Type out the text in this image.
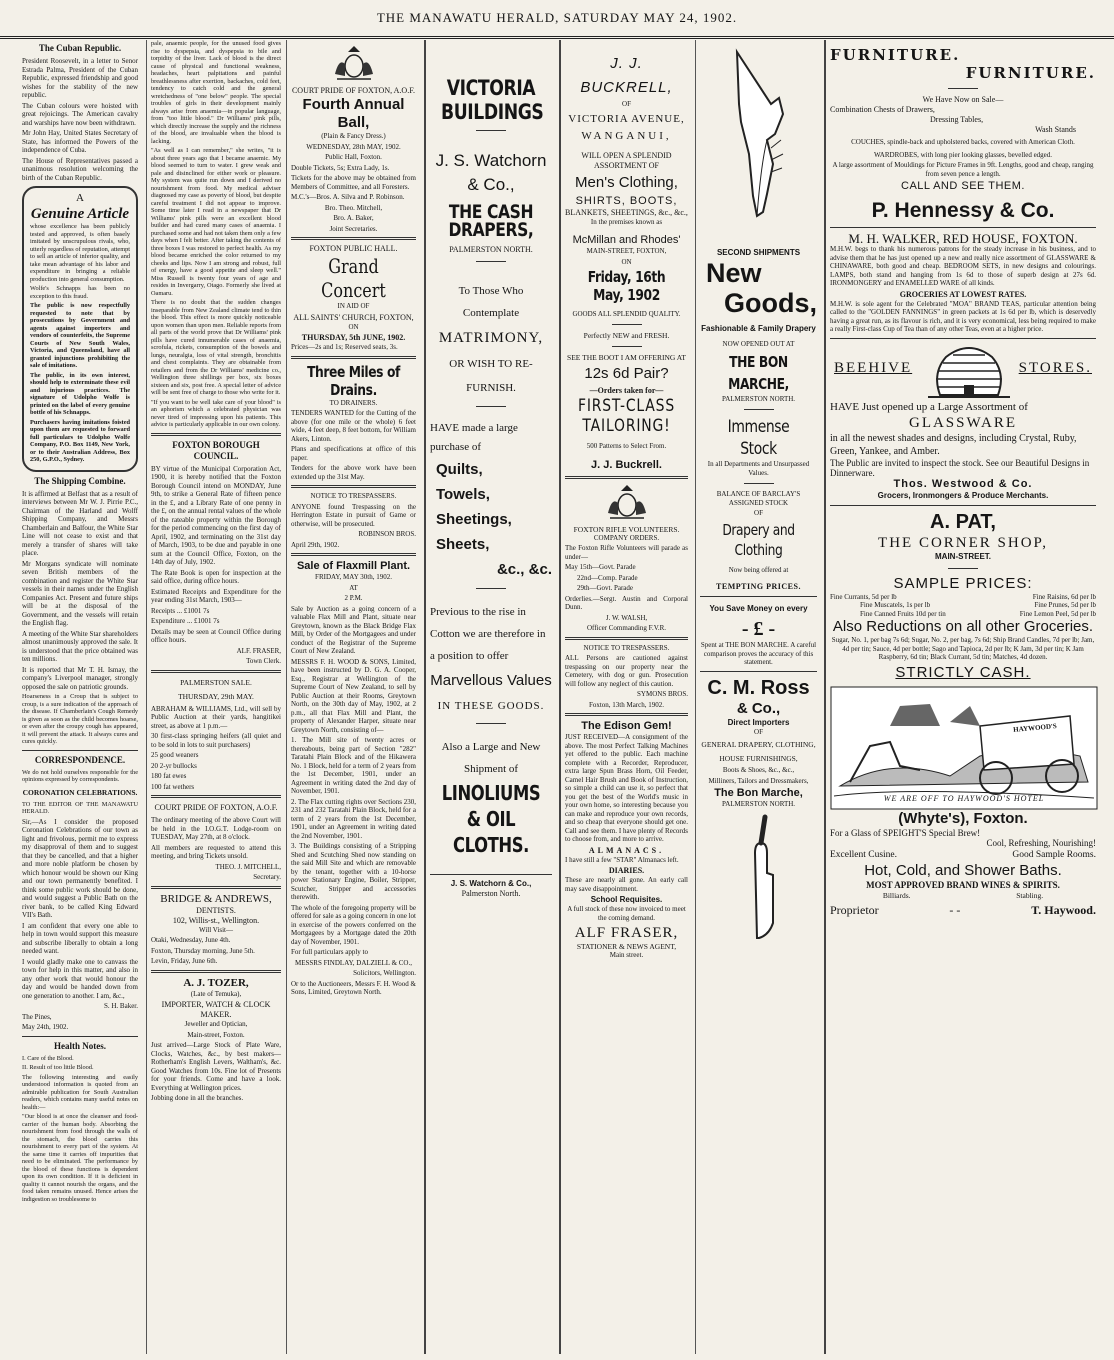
THE MANAWATU HERALD, SATURDAY MAY 24, 1902.
The Cuban Republic.

President Roosevelt, in a letter to Senor Estrada Palma, President of the Cuban Republic, expressed friendship and good wishes for the stability of the new republic.

The Cuban colours were hoisted with great rejoicings. The American cavalry and warships have now been withdrawn.

Mr John Hay, United States Secretary of State, has informed the Powers of the independence of Cuba.

The House of Representatives passed a unanimous resolution welcoming the birth of the Cuban Republic.

A
Genuine Article

whose excellence has been publicly tested and approved, is often basely imitated by unscrupulous rivals, who, utterly regardless of reputation, attempt to sell an article of inferior quality, and take mean advantage of his labor and expenditure in bringing a reliable production into general consumption.

Wolfe's Schnapps has been no exception to this fraud.

The public is now respectfully requested to note that by prosecutions by Government and agents against importers and vendors of counterfeits, the Supreme Courts of New South Wales, Victoria, and Queensland, have all granted injunctions prohibiting the sale of imitations.

The public, in its own interest, should help to exterminate these evil and injurious practices. The signature of Udolpho Wolfe is printed on the label of every genuine bottle of his Schnapps.

Purchasers having imitations foisted upon them are requested to forward full particulars to Udolpho Wolfe Company, P.O. Box 1149, New York, or to their Australian Address, Box 250, G.P.O., Sydney.

The Shipping Combine.

It is affirmed at Belfast that as a result of interviews between Mr W. J. Pirrie P.C., Chairman of the Harland and Wolff Shipping Company, and Messrs Chamberlain and Balfour, the White Star Line will not cease to exist and that merely a transfer of shares will take place.

Mr Morgans syndicate will nominate seven British members of the combination and register the White Star vessels in their names under the English Companies Act. Present and future ships will be at the disposal of the Government, and the vessels will retain the English flag.

A meeting of the White Star shareholders almost unanimously approved the sale. It is understood that the price obtained was ten millions.

It is reported that Mr T. H. Ismay, the company's Liverpool manager, strongly opposed the sale on patriotic grounds.

Hoarseness in a Croup that is subject to croup, is a sure indication of the approach of the disease. If Chamberlain's Cough Remedy is given as soon as the child becomes hoarse, or even after the croupy cough has appeared, it will prevent the attack. It always cures and cures quickly.

CORRESPONDENCE.

We do not hold ourselves responsible for the opinions expressed by correspondents.

CORONATION CELEBRATIONS.

TO THE EDITOR OF THE MANAWATU HERALD.

Sir,—As I consider the proposed Coronation Celebrations of our town as light and frivolous, permit me to express my disapproval of them and to suggest that they be cancelled, and that a higher and more noble platform be chosen by which honour would be shown our King and our town permanently benefited. I think some public work should be done, and would suggest a Public Bath on the river bank, to be called King Edward VII's Bath.

I am confident that every one able to help in town would support this measure and subscribe liberally to obtain a long needed want.

I would gladly make one to canvass the town for help in this matter, and also in any other work that would honour the day and would be handed down from one generation to another. I am, &c.,

S. H. Baker.

The Pines,

May 24th, 1902.

Health Notes.

I. Care of the Blood.

II. Result of too little Blood.

The following interesting and easily understood information is quoted from an admirable publication for South Australian readers, which contains many useful notes on health:—

"Our blood is at once the cleanser and food-carrier of the human body. Absorbing the nourishment from food through the walls of the stomach, the blood carries this nourishment to every part of the system. At the same time it carries off impurities that need to be eliminated. The performance by the blood of these functions is dependent upon its own condition. If it is deficient in quality it cannot nourish the organs, and the food taken remains unused. Hence arises the indigestion so troublesome to

pale, anaemic people, for the unused food gives rise to dyspepsia, and dyspepsia to bile and torpidity of the liver. Lack of blood is the direct cause of physical and functional weakness, headaches, heart palpitations and painful breathlessness after exertion, backaches, cold feet, tendency to catch cold and the general wretchedness of "one below" people. The special troubles of girls in their development mainly always arise from anaemia—in popular language, from "too little blood." Dr Williams' pink pills, which directly increase the supply and the richness of the blood, are invaluable when the blood is lacking.

"As well as I can remember," she writes, "it is about three years ago that I became anaemic. My blood seemed to turn to water. I grew weak and pale and disinclined for either work or pleasure. My system was quite run down and I derived no nourishment from food. My medical adviser diagnosed my case as poverty of blood, but despite careful treatment I did not appear to improve. Some time later I read in a newspaper that Dr Williams' pink pills were an excellent blood builder and had cured many cases of anaemia. I purchased some and had not taken them only a few days when I felt better. After taking the contents of three boxes I was restored to perfect health. As my blood became enriched the color returned to my cheeks and lips. Now I am strong and robust, full of energy, have a good appetite and sleep well." Miss Russell is twenty four years of age and resides in Invergarry, Otago. Formerly she lived at Oamaru.

There is no doubt that the sudden changes inseparable from New Zealand climate tend to thin the blood. This effect is more quickly noticeable upon women than upon men. Reliable reports from all parts of the world prove that Dr Williams' pink pills have cured innumerable cases of anaemia, scrofula, rickets, consumption of the bowels and lungs, neuralgia, loss of vital strength, bronchitis and chest complaints. They are obtainable from retailers and from the Dr Williams' medicine co., Wellington three shillings per box, six boxes sixteen and six, post free. A special letter of advice will be sent free of charge to those who write for it.

"If you want to be well take care of your blood" is an aphorism which a celebrated physician was never tired of impressing upon his patients. This advice is particularly applicable in our own colony.

FOXTON BOROUGH COUNCIL.

BY virtue of the Municipal Corporation Act, 1900, it is hereby notified that the Foxton Borough Council intend on MONDAY, June 9th, to strike a General Rate of fifteen pence in the £, and a Library Rate of one penny in the £, on the annual rental values of the whole of the rateable property within the Borough for the period commencing on the first day of April, 1902, and terminating on the 31st day of March, 1903, to be due and payable in one sum at the Council Office, Foxton, on the 14th day of July, 1902.

The Rate Book is open for inspection at the said office, during office hours.

Estimated Receipts and Expenditure for the year ending 31st March, 1903—

Receipts ... £1001 7s

Expenditure ... £1001 7s

Details may be seen at Council Office during office hours.

ALF. FRASER,

Town Clerk.

PALMERSTON SALE.
THURSDAY, 29th MAY.

ABRAHAM & WILLIAMS, Ltd., will sell by Public Auction at their yards, hangitikei street, as above at 1 p.m.—

30 first-class springing heifers (all quiet and to be sold in lots to suit purchasers)

25 good weaners

20 2-yr bullocks

180 fat ewes

100 fat wethers

COURT PRIDE OF FOXTON, A.O.F.

The ordinary meeting of the above Court will be held in the I.O.G.T. Lodge-room on TUESDAY, May 27th, at 8 o'clock.

All members are requested to attend this meeting, and bring Tickets unsold.

THEO. J. MITCHELL,

Secretary.

BRIDGE & ANDREWS,
DENTISTS.
102, Willis-st., Wellington.

Will Visit—

Otaki, Wednesday, June 4th.

Foxton, Thursday morning, June 5th.

Levin, Friday, June 6th.

A. J. TOZER,

(Late of Temuka),

IMPORTER, WATCH & CLOCK MAKER.

Jeweller and Optician,

Main-street, Foxton.

Just arrived—Large Stock of Plate Ware, Clocks, Watches, &c., by best makers—Rotherham's English Levers, Waltham's, &c. Good Watches from 10s. Fine lot of Presents for your friends. Come and have a look. Everything at Wellington prices.

Jobbing done in all the branches.

COURT PRIDE OF FOXTON, A.O.F.
Fourth Annual Ball,

(Plain & Fancy Dress.)

WEDNESDAY, 28th MAY, 1902.

Public Hall, Foxton.

Double Tickets, 5s; Extra Lady, 1s.

Tickets for the above may be obtained from Members of Committee, and all Foresters.

M.C.'s—Bros. A. Silva and P. Robinson.

Bro. Theo. Mitchell,

Bro. A. Baker,

Joint Secretaries.

FOXTON PUBLIC HALL.
Grand Concert

IN AID OF

ALL SAINTS' CHURCH, FOXTON,

ON

THURSDAY, 5th JUNE, 1902.

Prices—2s and 1s; Reserved seats, 3s.

Three Miles of Drains.

TO DRAINERS.

TENDERS WANTED for the Cutting of the above (for one mile or the whole) 6 feet wide, 4 feet deep, 8 feet bottom, for William Akers, Linton.

Plans and specifications at office of this paper.

Tenders for the above work have been extended up the 31st May.

NOTICE TO TRESPASSERS.

ANYONE found Trespassing on the Herrington Estate in pursuit of Game or otherwise, will be prosecuted.

ROBINSON BROS.

April 29th, 1902.

Sale of Flaxmill Plant.

FRIDAY, MAY 30th, 1902.

AT

2 P.M.

Sale by Auction as a going concern of a valuable Flax Mill and Plant, situate near Greytown, known as the Black Bridge Flax Mill, by Order of the Mortgagees and under conduct of the Registrar of the Supreme Court of New Zealand.

MESSRS F. H. WOOD & SONS, Limited, have been instructed by D. G. A. Cooper, Esq., Registrar at Wellington of the Supreme Court of New Zealand, to sell by Public Auction at their Rooms, Greytown North, on the 30th day of May, 1902, at 2 p.m., all that Flax Mill and Plant, the property of Alexander Harper, situate near Greytown North, consisting of—

1. The Mill site of twenty acres or thereabouts, being part of Section "282" Taratahi Plain Block and of the Hikawera No. 1 Block, held for a term of 2 years from the 1st December, 1901, under an Agreement in writing dated the 2nd day of November, 1901.

2. The Flax cutting rights over Sections 230, 231 and 232 Taratahi Plain Block, held for a term of 2 years from the 1st December, 1901, under an Agreement in writing dated the 2nd November, 1901.

3. The Buildings consisting of a Stripping Shed and Scutching Shed now standing on the said Mill Site and which are removable by the tenant, together with a 10-horse power Stationary Engine, Boiler, Stripper, Scutcher, Stripper and accessories therewith.

The whole of the foregoing property will be offered for sale as a going concern in one lot in exercise of the powers conferred on the Mortgagees by a Mortgage dated the 20th day of November, 1901.

For full particulars apply to

MESSRS FINDLAY, DALZIELL & CO.,

Solicitors, Wellington.

Or to the Auctioneers, Messrs F. H. Wood & Sons, Limited, Greytown North.

VICTORIA BUILDINGS
J. S. Watchorn & Co.,
THE CASH DRAPERS,
PALMERSTON NORTH.
To Those Who Contemplate
MATRIMONY,
OR WISH TO RE-FURNISH.
HAVE made a large purchase of
Quilts,
Towels,
Sheetings,
Sheets,
&c., &c.
Previous to the rise in Cotton we are therefore in a position to offer
Marvellous Values
IN THESE GOODS.
Also a Large and New Shipment of
LINOLIUMS & OIL CLOTHS.
J. S. Watchorn & Co.,
Palmerston North.
J. J. BUCKRELL,

OF

VICTORIA AVENUE,
WANGANUI,
WILL OPEN A SPLENDID ASSORTMENT OF
Men's Clothing,
SHIRTS, BOOTS,
BLANKETS, SHEETINGS, &c., &c.,

In the premises known as

McMillan and Rhodes'

MAIN-STREET, FOXTON,

ON

Friday, 16th May, 1902
GOODS ALL SPLENDID QUALITY.
Perfectly NEW and FRESH.
SEE THE BOOT I AM OFFERING AT
12s 6d Pair?
—Orders taken for—
FIRST-CLASS TAILORING!

500 Patterns to Select From.

J. J. Buckrell.
FOXTON RIFLE VOLUNTEERS.

COMPANY ORDERS.

The Foxton Rifle Volunteers will parade as under—

May 15th—Govt. Parade

22nd—Comp. Parade

29th—Govt. Parade

Orderlies.—Sergt. Austin and Corporal Dunn.

J. W. WALSH,

Officer Commanding F.V.R.

NOTICE TO TRESPASSERS.

ALL Persons are cautioned against trespassing on our property near the Cemetery, with dog or gun. Prosecution will follow any neglect of this caution.

SYMONS BROS.

Foxton, 13th March, 1902.

The Edison Gem!

JUST RECEIVED—A consignment of the above. The most Perfect Talking Machines yet offered to the public. Each machine complete with a Recorder, Reproducer, extra large Spun Brass Horn, Oil Feeder, Camel Hair Brush and Book of Instruction, so simple a child can use it, so perfect that you get the best of the World's music in your own home, so interesting because you can make and reproduce your own records, and so cheap that everyone should get one. Call and see them. I have plenty of Records to choose from, and more to arrive.

ALMANACS.

I have still a few "STAR" Almanacs left.

DIARIES.

These are nearly all gone. An early call may save disappointment.

School Requisites.

A full stock of these now invoiced to meet the coming demand.

ALF FRASER,
STATIONER & NEWS AGENT,

Main street.

SECOND SHIPMENTS
New
Goods,
Fashionable & Family Drapery

NOW OPENED OUT AT

THE BON MARCHE,

PALMERSTON NORTH.

Immense Stock

In all Departments and Unsurpassed Values.

BALANCE OF BARCLAY'S ASSIGNED STOCK

OF

Drapery and Clothing

Now being offered at

TEMPTING PRICES.
You Save Money on every
- £ -

Spent at THE BON MARCHE. A careful comparison proves the accuracy of this statement.

C. M. Ross
& Co.,
Direct Importers

OF

GENERAL DRAPERY, CLOTHING, HOUSE FURNISHINGS,

Boots & Shoes, &c., &c.,

Milliners, Tailors and Dressmakers,

The Bon Marche,

PALMERSTON NORTH.

FURNITURE.
FURNITURE.
We Have Now on Sale—
Combination Chests of Drawers,
Dressing Tables,
Wash Stands
COUCHES, spindle-back and upholstered backs, covered with American Cloth.
WARDROBES, with long pier looking glasses, bevelled edged.

A large assortment of Mouldings for Picture Frames in 9ft. Lengths, good and cheap, ranging from seven pence a length.

CALL AND SEE THEM.
P. Hennessy & Co.
M. H. WALKER, RED HOUSE, FOXTON.

M.H.W. begs to thank his numerous patrons for the steady increase in his business, and to advise them that he has just opened up a new and really nice assortment of GLASSWARE & CHINAWARE, both good and cheap. BEDROOM SETS, in new designs and colourings. LAMPS, both stand and hanging from 1s 6d to those of superb design at 27s 6d. IRONMONGERY and ENAMELLED WARE of all kinds.

GROCERIES AT LOWEST RATES.

M.H.W. is sole agent for the Celebrated "MOA" BRAND TEAS, particular attention being called to the "GOLDEN FANNINGS" in green packets at 1s 6d per lb, which is deservedly having a great run, as its flavour is rich, and it is very economical, less being required to make a really First-class Cup of Tea than of any other Teas, even at a higher price.

BEEHIVE	STORES.
HAVE Just opened up a Large Assortment of
GLASSWARE
in all the newest shades and designs, including Crystal, Ruby, Green, Yankee, and Amber.
The Public are invited to inspect the stock. See our Beautiful Designs in Dinnerware.
Thos. Westwood & Co.
Grocers, Ironmongers & Produce Merchants.
A. PAT,
THE CORNER SHOP,
MAIN-STREET.
SAMPLE PRICES:
Fine Currants, 5d per lb	Fine Raisins, 6d per lb
Fine Muscatels, 1s per lb	Fine Prunes, 5d per lb
Fine Canned Fruits 10d per tin	Fine Lemon Peel, 5d per lb
Also Reductions on all other Groceries.

Sugar, No. 1, per bag 7s 6d; Sugar, No. 2, per bag, 7s 6d; Ship Brand Candles, 7d per lb; Jam, 4d per tin; Sauce, 4d per bottle; Sago and Tapioca, 2d per lb; K Jam, 3d per tin; K Jam Raspberry, 6d tin; Black Currant, 5d tin; Matches, 4d dozen.

STRICTLY CASH.
HAYWOOD'S
WE ARE OFF TO HAYWOOD'S HOTEL
(Whyte's), Foxton.
For a Glass of SPEIGHT'S Special Brew!
Cool, Refreshing, Nourishing!
Excellent Cusine.	Good Sample Rooms.
Hot, Cold, and Shower Baths.
MOST APPROVED BRAND WINES & SPIRITS.
Billiards.	Stabling.
Proprietor	- -	T. Haywood.
